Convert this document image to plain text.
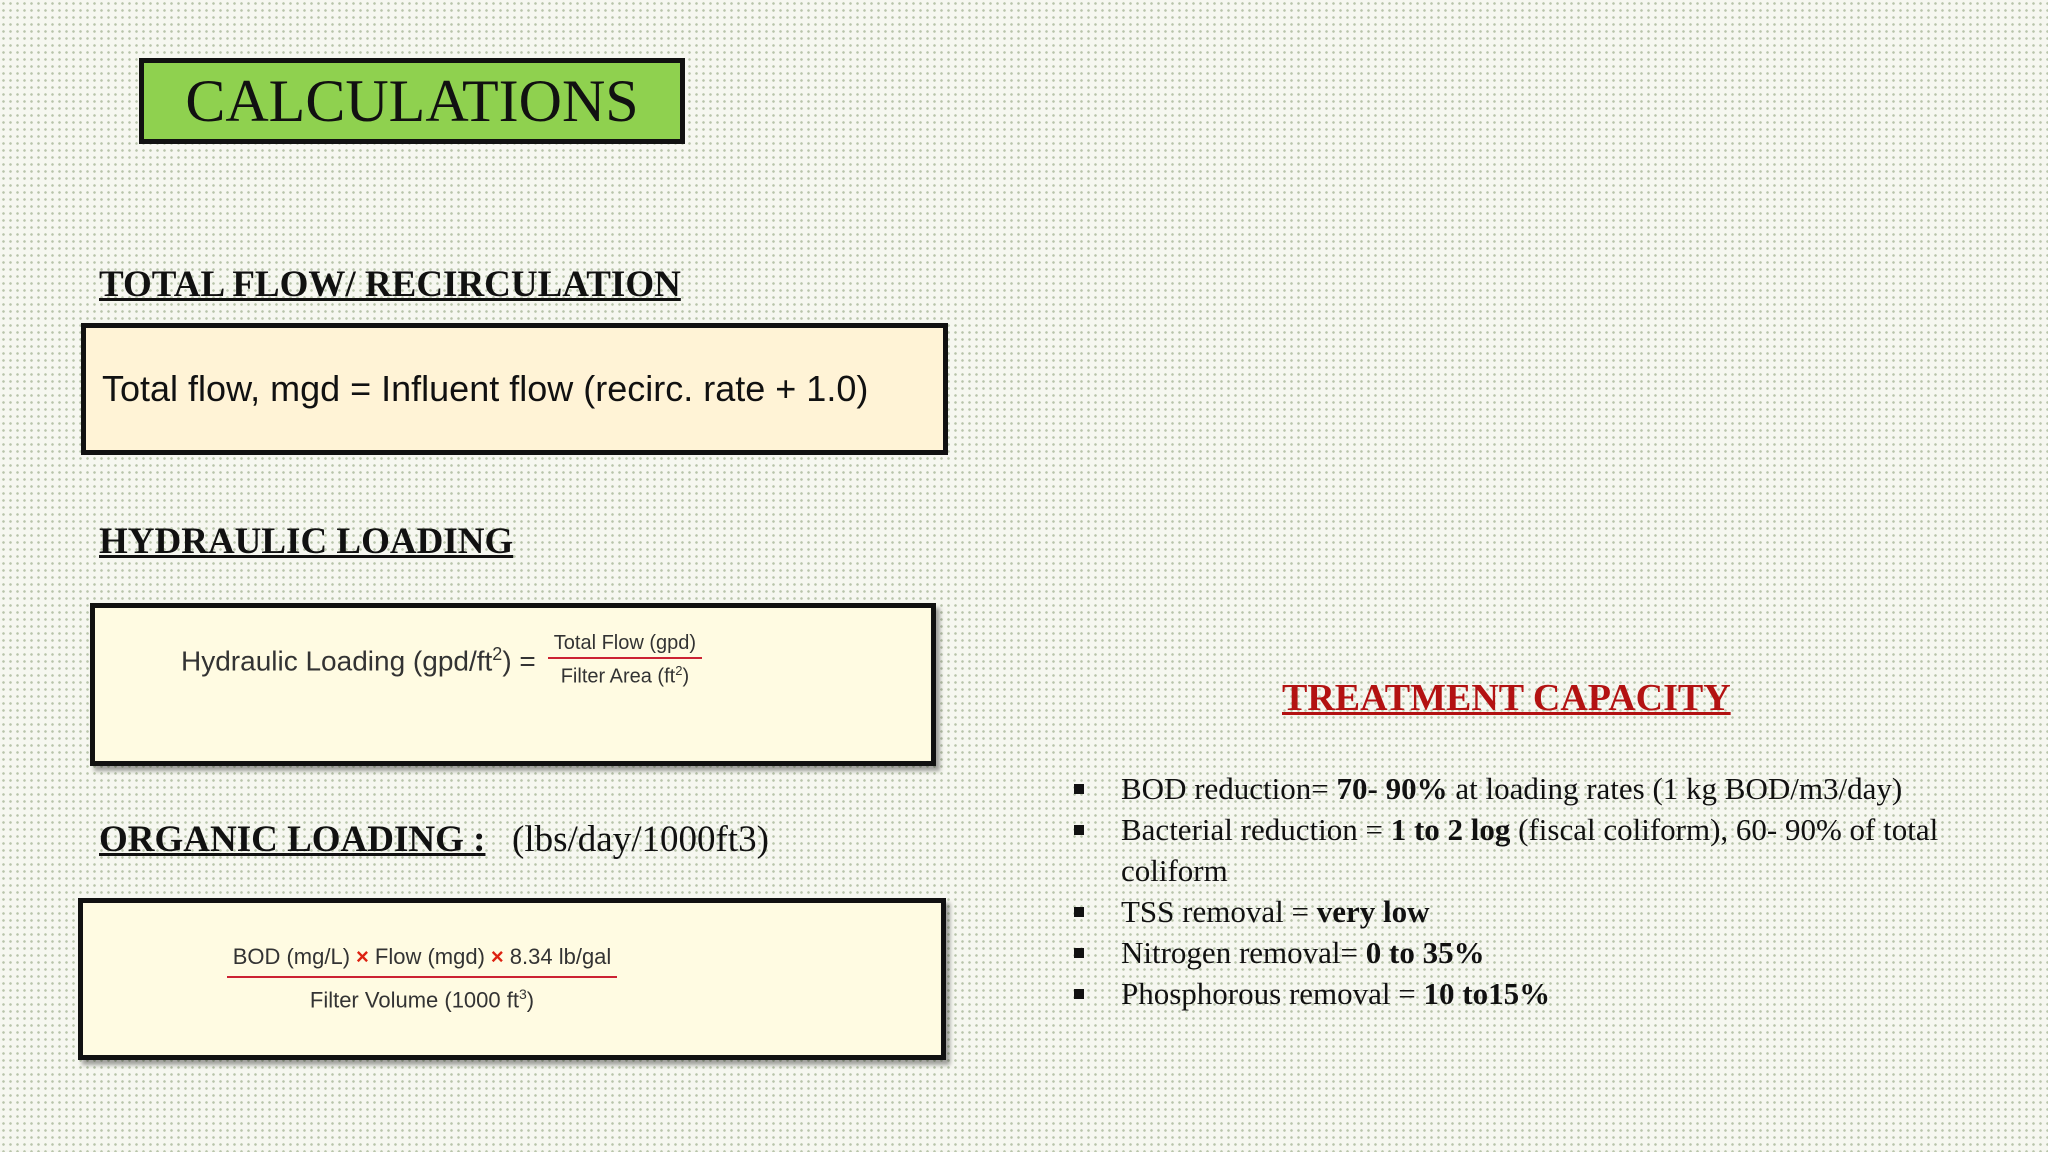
CALCULATIONS
TOTAL FLOW/ RECIRCULATION
Total flow, mgd = Influent flow (recirc. rate + 1.0)
HYDRAULIC LOADING
Hydraulic Loading $(gpd/ft^2) = \frac{\text{Total Flow (gpd)}}{Filter Area (ft^2)}$
ORGANIC LOADING : (lbs/day/1000ft3)
$\frac{\text{BOD (mg/L) × Flow (mgd) × 8.34 lb/gal}}{Filter Volume (1000 ft^3)}$
TREATMENT CAPACITY
BOD reduction= 70- 90% at loading rates (1 kg BOD/m3/day)
Bacterial reduction = 1 to 2 log (fiscal coliform), 60- 90% of total coliform
TSS removal = very low
Nitrogen removal= 0 to 35%
Phosphorous removal = 10 to15%
